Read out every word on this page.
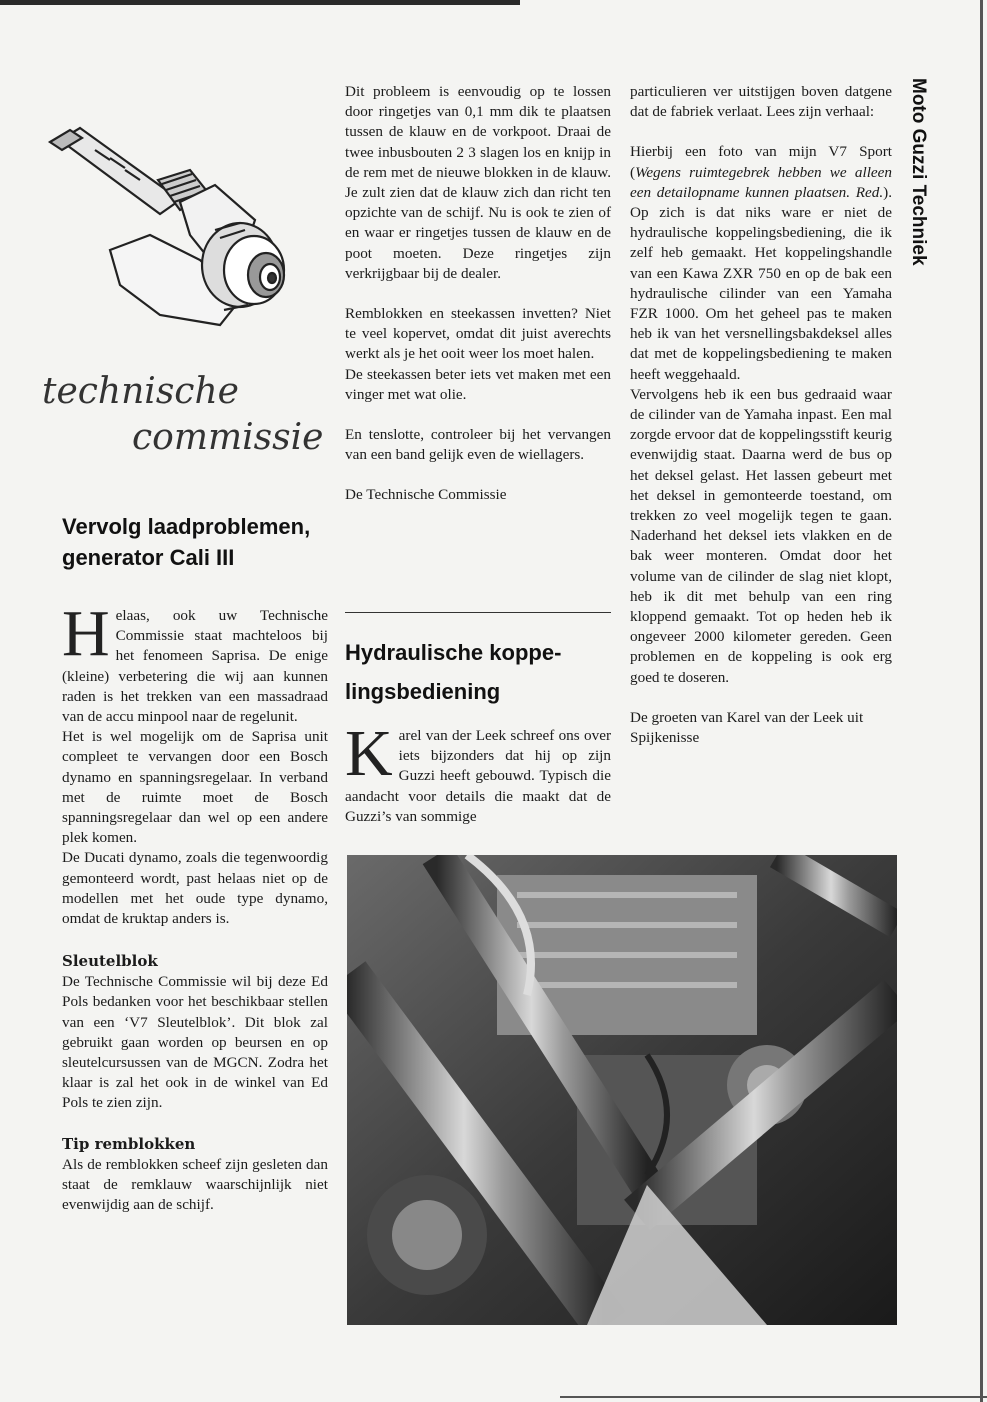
technische
commissie
Vervolg laadproblemen,
generator Cali III

Helaas, ook uw Technische Commissie staat machteloos bij het fenomeen Saprisa. De enige (kleine) verbetering die wij aan kunnen raden is het trekken van een massadraad van de accu minpool naar de regelunit.

Het is wel mogelijk om de Saprisa unit compleet te vervangen door een Bosch dynamo en spanningsregelaar. In verband met de ruimte moet de Bosch spanningsregelaar dan wel op een andere plek komen.

De Ducati dynamo, zoals die tegenwoordig gemonteerd wordt, past helaas niet op de modellen met het oude type dynamo, omdat de kruktap anders is.

Sleutelblok

De Technische Commissie wil bij deze Ed Pols bedanken voor het beschikbaar stellen van een ‘V7 Sleutelblok’. Dit blok zal gebruikt gaan worden op beursen en op sleutelcursussen van de MGCN. Zodra het klaar is zal het ook in de winkel van Ed Pols te zien zijn.

Tip remblokken

Als de remblokken scheef zijn gesleten dan staat de remklauw waarschijnlijk niet evenwijdig aan de schijf.

Dit probleem is eenvoudig op te lossen door ringetjes van 0,1 mm dik te plaatsen tussen de klauw en de vorkpoot. Draai de twee inbusbouten 2 3 slagen los en knijp in de rem met de nieuwe blokken in de klauw. Je zult zien dat de klauw zich dan richt ten opzichte van de schijf. Nu is ook te zien of en waar er ringetjes tussen de klauw en de poot moeten. Deze ringetjes zijn verkrijgbaar bij de dealer.

Remblokken en steekassen invetten? Niet te veel kopervet, omdat dit juist averechts werkt als je het ooit weer los moet halen.

De steekassen beter iets vet maken met een vinger met wat olie.

En tenslotte, controleer bij het vervangen van een band gelijk even de wiellagers.

De Technische Commissie

Hydraulische koppe-
lingsbediening

Karel van der Leek schreef ons over iets bijzonders dat hij op zijn Guzzi heeft gebouwd. Typisch die aandacht voor details die maakt dat de Guzzi’s van sommige

particulieren ver uitstijgen boven datgene dat de fabriek verlaat. Lees zijn verhaal:

Hierbij een foto van mijn V7 Sport (Wegens ruimtegebrek hebben we alleen een detailopname kunnen plaatsen. Red.). Op zich is dat niks ware er niet de hydraulische koppelingsbediening, die ik zelf heb gemaakt. Het koppelingshandle van een Kawa ZXR 750 en op de bak een hydraulische cilinder van een Yamaha FZR 1000. Om het geheel pas te maken heb ik van het versnellingsbakdeksel alles dat met de koppelingsbediening te maken heeft weggehaald.

Vervolgens heb ik een bus gedraaid waar de cilinder van de Yamaha inpast. Een mal zorgde ervoor dat de koppelingsstift keurig evenwijdig staat. Daarna werd de bus op het deksel gelast. Het lassen gebeurt met het deksel in gemonteerde toestand, om trekken zo veel mogelijk tegen te gaan. Naderhand het deksel iets vlakken en de bak weer monteren. Omdat door het volume van de cilinder de slag niet klopt, heb ik dit met behulp van een ring kloppend gemaakt. Tot op heden heb ik ongeveer 2000 kilometer gereden. Geen problemen en de koppeling is ook erg goed te doseren.

De groeten van Karel van der Leek uit Spijkenisse

Moto Guzzi Techniek
